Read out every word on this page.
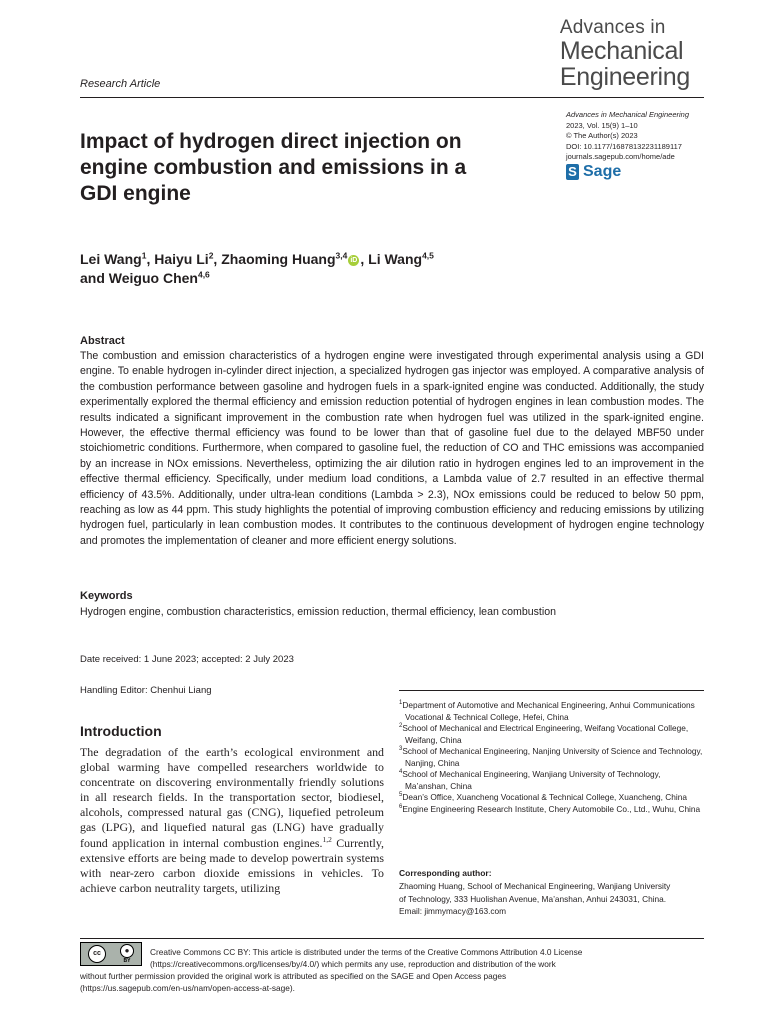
Advances in
Mechanical
Engineering
Research Article
Advances in Mechanical Engineering
2023, Vol. 15(9) 1–10
© The Author(s) 2023
DOI: 10.1177/16878132231189117
journals.sagepub.com/home/ade
S Sage
Impact of hydrogen direct injection on engine combustion and emissions in a GDI engine
Lei Wang$^1$, Haiyu Li$^2$, Zhaoming Huang$^{3,4}$ iD , Li Wang$^{4,5}$
and Weiguo Chen$^{4,6}$
Abstract
The combustion and emission characteristics of a hydrogen engine were investigated through experimental analysis using a GDI engine. To enable hydrogen in-cylinder direct injection, a specialized hydrogen gas injector was employed. A comparative analysis of the combustion performance between gasoline and hydrogen fuels in a spark-ignited engine was conducted. Additionally, the study experimentally explored the thermal efficiency and emission reduction potential of hydrogen engines in lean combustion modes. The results indicated a significant improvement in the combustion rate when hydrogen fuel was utilized in the spark-ignited engine. However, the effective thermal efficiency was found to be lower than that of gasoline fuel due to the delayed MBF50 under stoichiometric conditions. Furthermore, when compared to gasoline fuel, the reduction of CO and THC emissions was accompanied by an increase in NOx emissions. Nevertheless, optimizing the air dilution ratio in hydrogen engines led to an improvement in the effective thermal efficiency. Specifically, under medium load conditions, a Lambda value of 2.7 resulted in an effective thermal efficiency of 43.5%. Additionally, under ultra-lean conditions (Lambda > 2.3), NOx emissions could be reduced to below 50 ppm, reaching as low as 44 ppm. This study highlights the potential of improving combustion efficiency and reducing emissions by utilizing hydrogen fuel, particularly in lean combustion modes. It contributes to the continuous development of hydrogen engine technology and promotes the implementation of cleaner and more efficient energy solutions.
Keywords
Hydrogen engine, combustion characteristics, emission reduction, thermal efficiency, lean combustion
Date received: 1 June 2023; accepted: 2 July 2023
Handling Editor: Chenhui Liang
$^1$Department of Automotive and Mechanical Engineering, Anhui Communications Vocational & Technical College, Hefei, China
$^2$School of Mechanical and Electrical Engineering, Weifang Vocational College, Weifang, China
$^3$School of Mechanical Engineering, Nanjing University of Science and Technology, Nanjing, China
$^4$School of Mechanical Engineering, Wanjiang University of Technology, Ma’anshan, China
$^5$Dean’s Office, Xuancheng Vocational & Technical College, Xuancheng, China
$^6$Engine Engineering Research Institute, Chery Automobile Co., Ltd., Wuhu, China
Corresponding author:
Zhaoming Huang, School of Mechanical Engineering, Wanjiang University
of Technology, 333 Huolishan Avenue, Ma’anshan, Anhui 243031, China.
Email: jimmymacy@163.com
Introduction
The degradation of the earth’s ecological environment and global warming have compelled researchers worldwide to concentrate on discovering environmentally friendly solutions in all research fields. In the transportation sector, biodiesel, alcohols, compressed natural gas (CNG), liquefied petroleum gas (LPG), and liquefied natural gas (LNG) have gradually found application in internal combustion engines.$^{1,2}$ Currently, extensive efforts are being made to develop powertrain systems with near-zero carbon dioxide emissions in vehicles. To achieve carbon neutrality targets, utilizing
cc	●
BY
Creative Commons CC BY: This article is distributed under the terms of the Creative Commons Attribution 4.0 License
(https://creativecommons.org/licenses/by/4.0/) which permits any use, reproduction and distribution of the work
without further permission provided the original work is attributed as specified on the SAGE and Open Access pages
(https://us.sagepub.com/en-us/nam/open-access-at-sage).
